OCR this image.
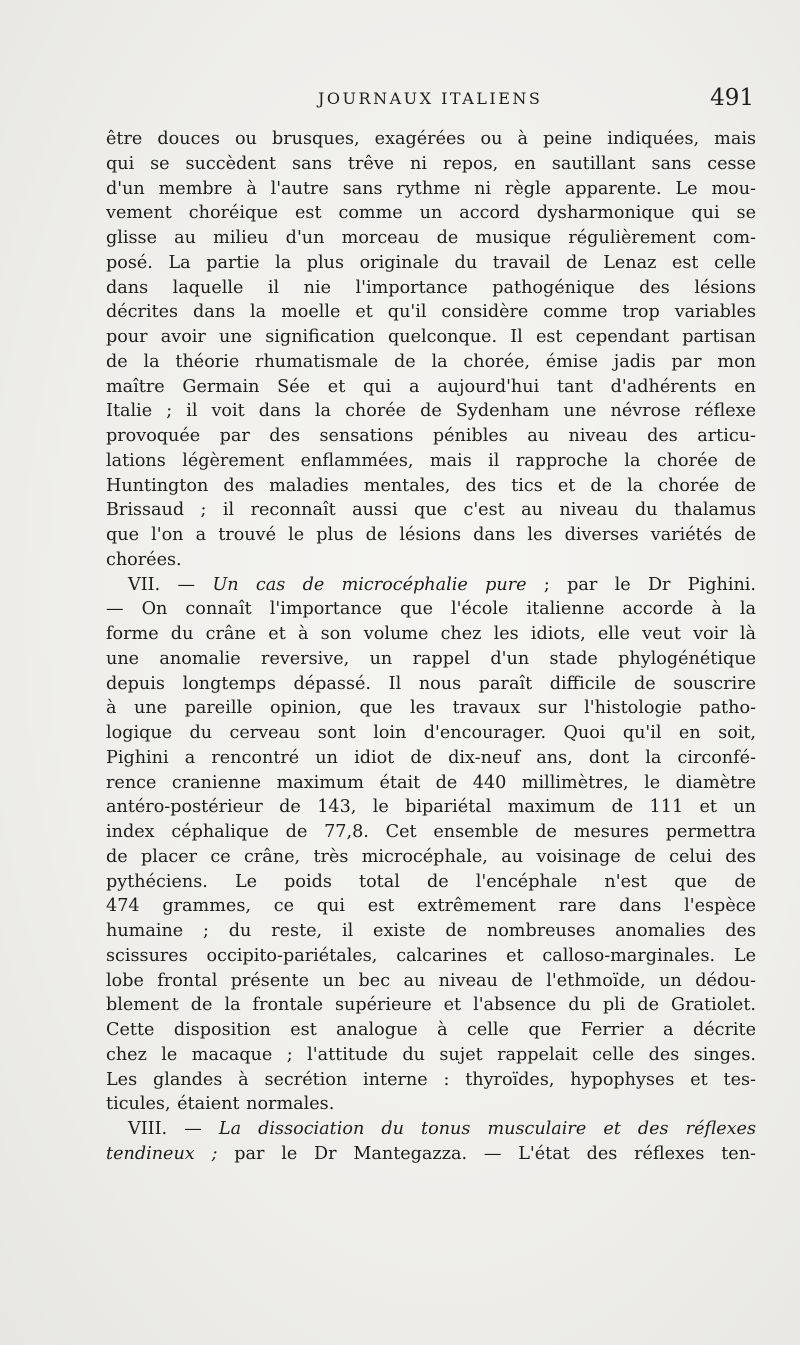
JOURNAUX ITALIENS	491
être douces ou brusques, exagérées ou à peine indiquées, mais
qui se succèdent sans trêve ni repos, en sautillant sans cesse
d'un membre à l'autre sans rythme ni règle apparente. Le mou-
vement choréique est comme un accord dysharmonique qui se
glisse au milieu d'un morceau de musique régulièrement com-
posé. La partie la plus originale du travail de Lenaz est celle
dans laquelle il nie l'importance pathogénique des lésions
décrites dans la moelle et qu'il considère comme trop variables
pour avoir une signification quelconque. Il est cependant partisan
de la théorie rhumatismale de la chorée, émise jadis par mon
maître Germain Sée et qui a aujourd'hui tant d'adhérents en
Italie ; il voit dans la chorée de Sydenham une névrose réflexe
provoquée par des sensations pénibles au niveau des articu-
lations légèrement enflammées, mais il rapproche la chorée de
Huntington des maladies mentales, des tics et de la chorée de
Brissaud ; il reconnaît aussi que c'est au niveau du thalamus
que l'on a trouvé le plus de lésions dans les diverses variétés de
chorées.
VII. — Un cas de microcéphalie pure ; par le Dr Pighini.
— On connaît l'importance que l'école italienne accorde à la
forme du crâne et à son volume chez les idiots, elle veut voir là
une anomalie reversive, un rappel d'un stade phylogénétique
depuis longtemps dépassé. Il nous paraît difficile de souscrire
à une pareille opinion, que les travaux sur l'histologie patho-
logique du cerveau sont loin d'encourager. Quoi qu'il en soit,
Pighini a rencontré un idiot de dix-neuf ans, dont la circonfé-
rence cranienne maximum était de 440 millimètres, le diamètre
antéro-postérieur de 143, le bipariétal maximum de 111 et un
index céphalique de 77,8. Cet ensemble de mesures permettra
de placer ce crâne, très microcéphale, au voisinage de celui des
pythéciens. Le poids total de l'encéphale n'est que de
474 grammes, ce qui est extrêmement rare dans l'espèce
humaine ; du reste, il existe de nombreuses anomalies des
scissures occipito-pariétales, calcarines et calloso-marginales. Le
lobe frontal présente un bec au niveau de l'ethmoïde, un dédou-
blement de la frontale supérieure et l'absence du pli de Gratiolet.
Cette disposition est analogue à celle que Ferrier a décrite
chez le macaque ; l'attitude du sujet rappelait celle des singes.
Les glandes à secrétion interne : thyroïdes, hypophyses et tes-
ticules, étaient normales.
VIII. — La dissociation du tonus musculaire et des réflexes
tendineux ; par le Dr Mantegazza. — L'état des réflexes ten-
